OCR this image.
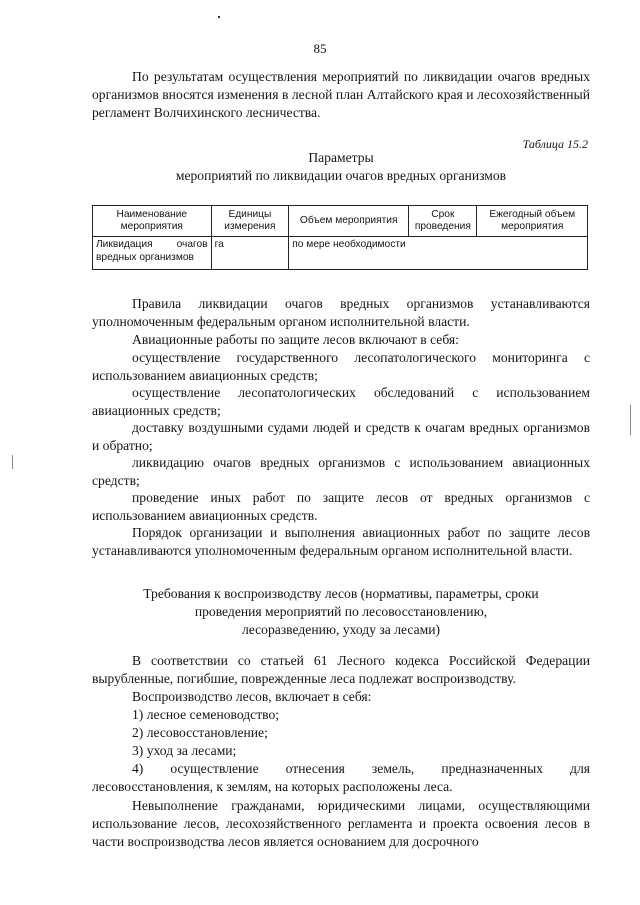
85
По результатам осуществления мероприятий по ликвидации очагов вредных организмов вносятся изменения в лесной план Алтайского края и лесохозяйственный регламент Волчихинского лесничества.
Таблица 15.2
Параметры
мероприятий по ликвидации очагов вредных организмов
Наименование мероприятия	Единицы измерения	Объем мероприятия	Срок проведения	Ежегодный объем мероприятия
Ликвидация очагов вредных организмов	га	по мере необходимости		
Правила ликвидации очагов вредных организмов устанавливаются уполномоченным федеральным органом исполнительной власти.
Авиационные работы по защите лесов включают в себя:
осуществление государственного лесопатологического мониторинга с использованием авиационных средств;
осуществление лесопатологических обследований с использованием авиационных средств;
доставку воздушными судами людей и средств к очагам вредных организмов и обратно;
ликвидацию очагов вредных организмов с использованием авиационных средств;
проведение иных работ по защите лесов от вредных организмов с использованием авиационных средств.
Порядок организации и выполнения авиационных работ по защите лесов устанавливаются уполномоченным федеральным органом исполнительной власти.
Требования к воспроизводству лесов (нормативы, параметры, сроки
проведения мероприятий по лесовосстановлению,
лесоразведению, уходу за лесами)
В соответствии со статьей 61 Лесного кодекса Российской Федерации вырубленные, погибшие, поврежденные леса подлежат воспроизводству.
Воспроизводство лесов, включает в себя:
1) лесное семеноводство;
2) лесовосстановление;
3) уход за лесами;
4) осуществление отнесения земель, предназначенных для лесовосстановления, к землям, на которых расположены леса.
Невыполнение гражданами, юридическими лицами, осуществляющими использование лесов, лесохозяйственного регламента и проекта освоения лесов в части воспроизводства лесов является основанием для досрочного
